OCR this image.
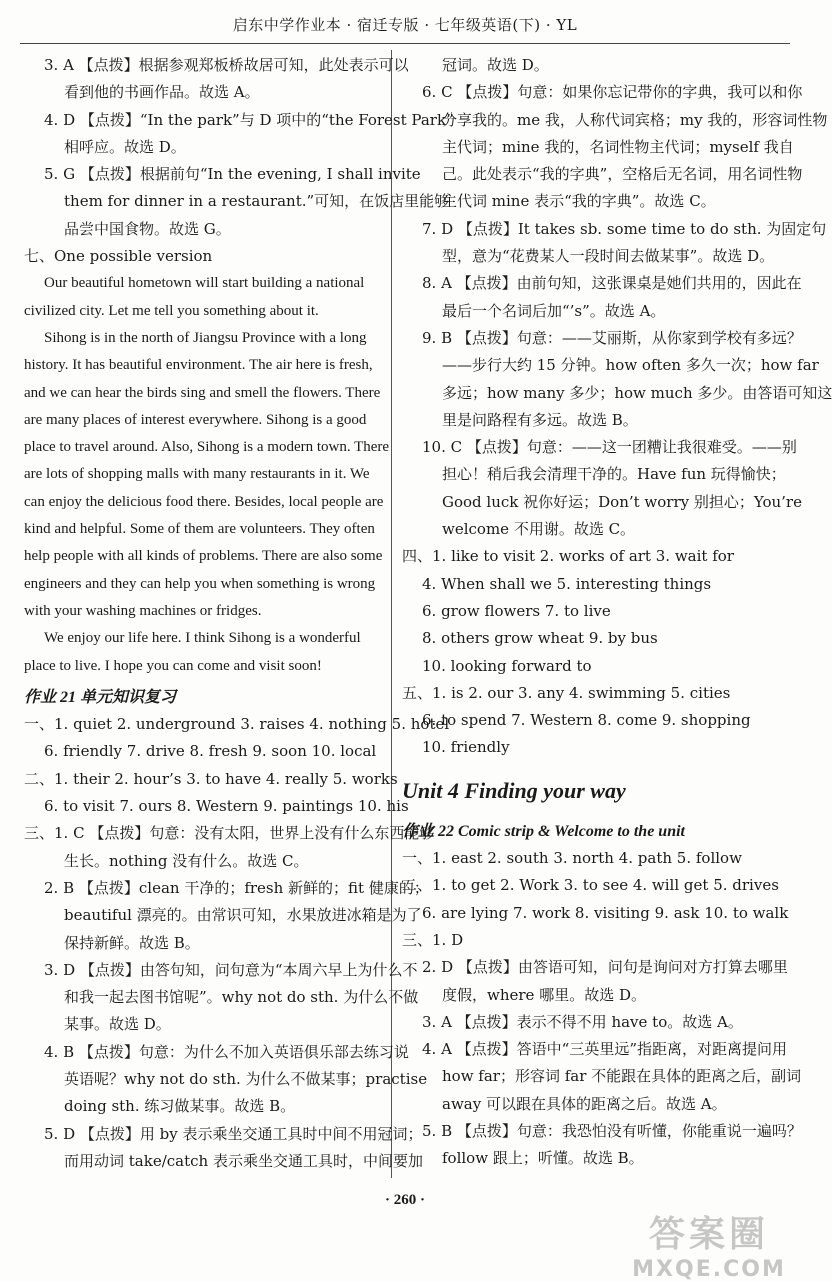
启东中学作业本 · 宿迁专版 · 七年级英语(下) · YL
3. A 【点拨】根据参观郑板桥故居可知，此处表示可以
看到他的书画作品。故选 A。
4. D 【点拨】“In the park”与 D 项中的“the Forest Park”
相呼应。故选 D。
5. G 【点拨】根据前句“In the evening, I shall invite
them for dinner in a restaurant.”可知，在饭店里能够
品尝中国食物。故选 G。
七、One possible version
Our beautiful hometown will start building a national
civilized city. Let me tell you something about it.
Sihong is in the north of Jiangsu Province with a long
history. It has beautiful environment. The air here is fresh,
and we can hear the birds sing and smell the flowers. There
are many places of interest everywhere. Sihong is a good
place to travel around. Also, Sihong is a modern town. There
are lots of shopping malls with many restaurants in it. We
can enjoy the delicious food there. Besides, local people are
kind and helpful. Some of them are volunteers. They often
help people with all kinds of problems. There are also some
engineers and they can help you when something is wrong
with your washing machines or fridges.
We enjoy our life here. I think Sihong is a wonderful
place to live. I hope you can come and visit soon!
作业 21 单元知识复习
一、1. quiet 2. underground 3. raises 4. nothing 5. hotel
6. friendly 7. drive 8. fresh 9. soon 10. local
二、1. their 2. hour’s 3. to have 4. really 5. works
6. to visit 7. ours 8. Western 9. paintings 10. his
三、1. C 【点拨】句意：没有太阳，世界上没有什么东西能够
生长。nothing 没有什么。故选 C。
2. B 【点拨】clean 干净的；fresh 新鲜的；fit 健康的；
beautiful 漂亮的。由常识可知，水果放进冰箱是为了
保持新鲜。故选 B。
3. D 【点拨】由答句知，问句意为“本周六早上为什么不
和我一起去图书馆呢”。why not do sth. 为什么不做
某事。故选 D。
4. B 【点拨】句意：为什么不加入英语俱乐部去练习说
英语呢？why not do sth. 为什么不做某事；practise
doing sth. 练习做某事。故选 B。
5. D 【点拨】用 by 表示乘坐交通工具时中间不用冠词；
而用动词 take/catch 表示乘坐交通工具时，中间要加
冠词。故选 D。
6. C 【点拨】句意：如果你忘记带你的字典，我可以和你
分享我的。me 我，人称代词宾格；my 我的，形容词性物
主代词；mine 我的，名词性物主代词；myself 我自
己。此处表示“我的字典”，空格后无名词，用名词性物
主代词 mine 表示“我的字典”。故选 C。
7. D 【点拨】It takes sb. some time to do sth. 为固定句
型，意为“花费某人一段时间去做某事”。故选 D。
8. A 【点拨】由前句知，这张课桌是她们共用的，因此在
最后一个名词后加“’s”。故选 A。
9. B 【点拨】句意：——艾丽斯，从你家到学校有多远？
——步行大约 15 分钟。how often 多久一次；how far
多远；how many 多少；how much 多少。由答语可知这
里是问路程有多远。故选 B。
10. C 【点拨】句意：——这一团糟让我很难受。——别
担心！稍后我会清理干净的。Have fun 玩得愉快；
Good luck 祝你好运；Don’t worry 别担心；You’re
welcome 不用谢。故选 C。
四、1. like to visit 2. works of art 3. wait for
4. When shall we 5. interesting things
6. grow flowers 7. to live
8. others grow wheat 9. by bus
10. looking forward to
五、1. is 2. our 3. any 4. swimming 5. cities
6. to spend 7. Western 8. come 9. shopping
10. friendly
Unit 4 Finding your way
作业 22 Comic strip & Welcome to the unit
一、1. east 2. south 3. north 4. path 5. follow
二、1. to get 2. Work 3. to see 4. will get 5. drives
6. are lying 7. work 8. visiting 9. ask 10. to walk
三、1. D
2. D 【点拨】由答语可知，问句是询问对方打算去哪里
度假，where 哪里。故选 D。
3. A 【点拨】表示不得不用 have to。故选 A。
4. A 【点拨】答语中“三英里远”指距离，对距离提问用
how far；形容词 far 不能跟在具体的距离之后，副词
away 可以跟在具体的距离之后。故选 A。
5. B 【点拨】句意：我恐怕没有听懂，你能重说一遍吗？
follow 跟上；听懂。故选 B。
· 260 ·
答案圈
MXQE.COM
